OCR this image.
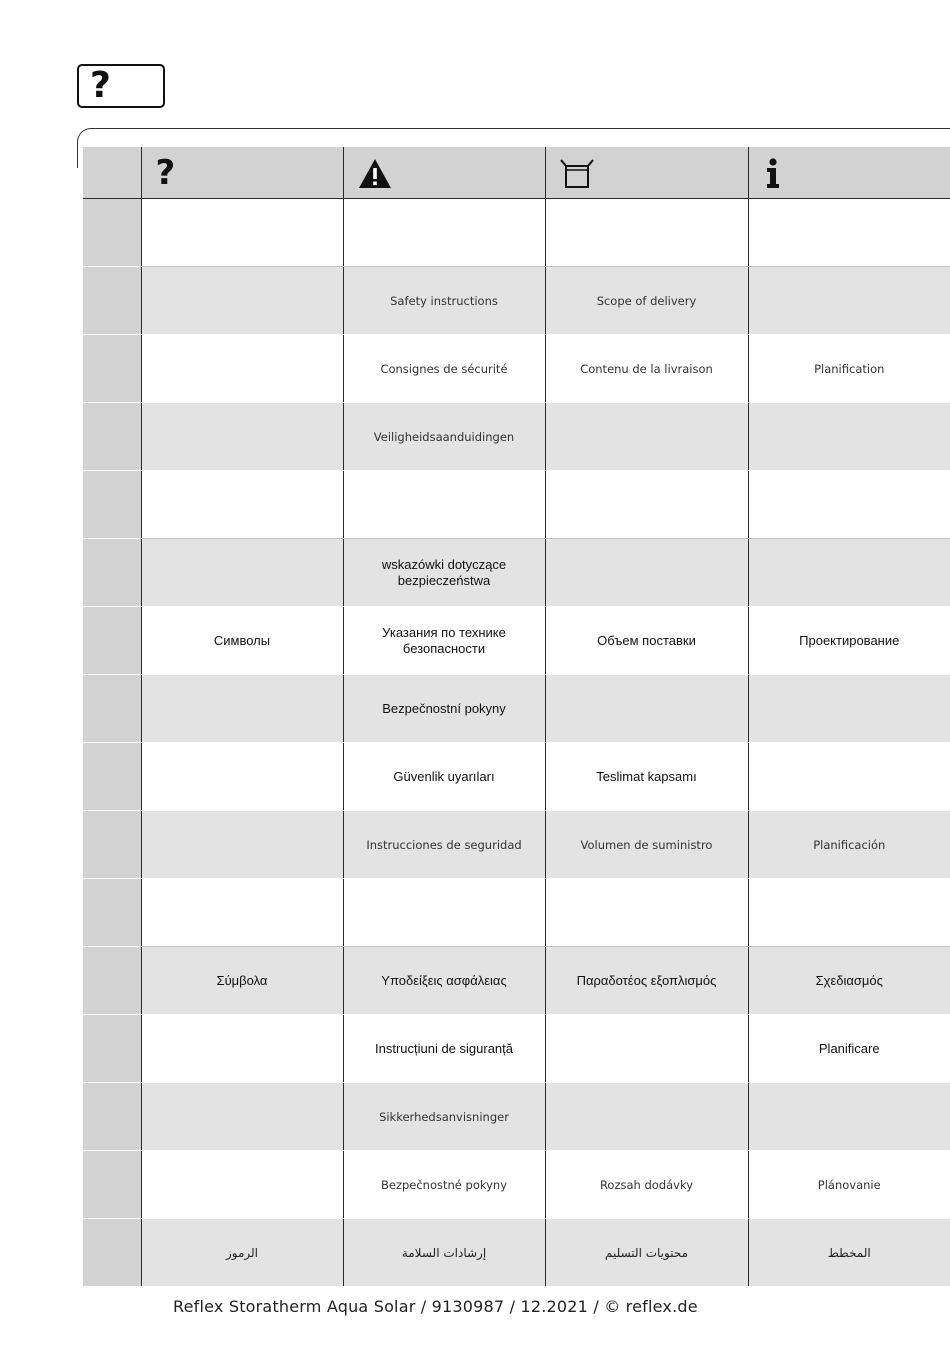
?
	?			

		Safety instructions	Scope of delivery	
		Consignes de sécurité	Contenu de la livraison	Planification
		Veiligheidsaanduidingen		

		wskazówki dotyczące bezpieczeństwa		
	Символы	Указания по технике безопасности	Объем поставки	Проектирование
		Bezpečnostní pokyny		
		Güvenlik uyarıları	Teslimat kapsamı	
		Instrucciones de seguridad	Volumen de suministro	Planificación

	Σύμβολα	Υποδείξεις ασφάλειας	Παραδοτέος εξοπλισμός	Σχεδιασμός
		Instrucțiuni de siguranță		Planificare
		Sikkerhedsanvisninger		
		Bezpečnostné pokyny	Rozsah dodávky	Plánovanie
	الرموز	إرشادات السلامة	محتويات التسليم	المخطط
Reflex Storatherm Aqua Solar / 9130987 / 12.2021 / © reflex.de
